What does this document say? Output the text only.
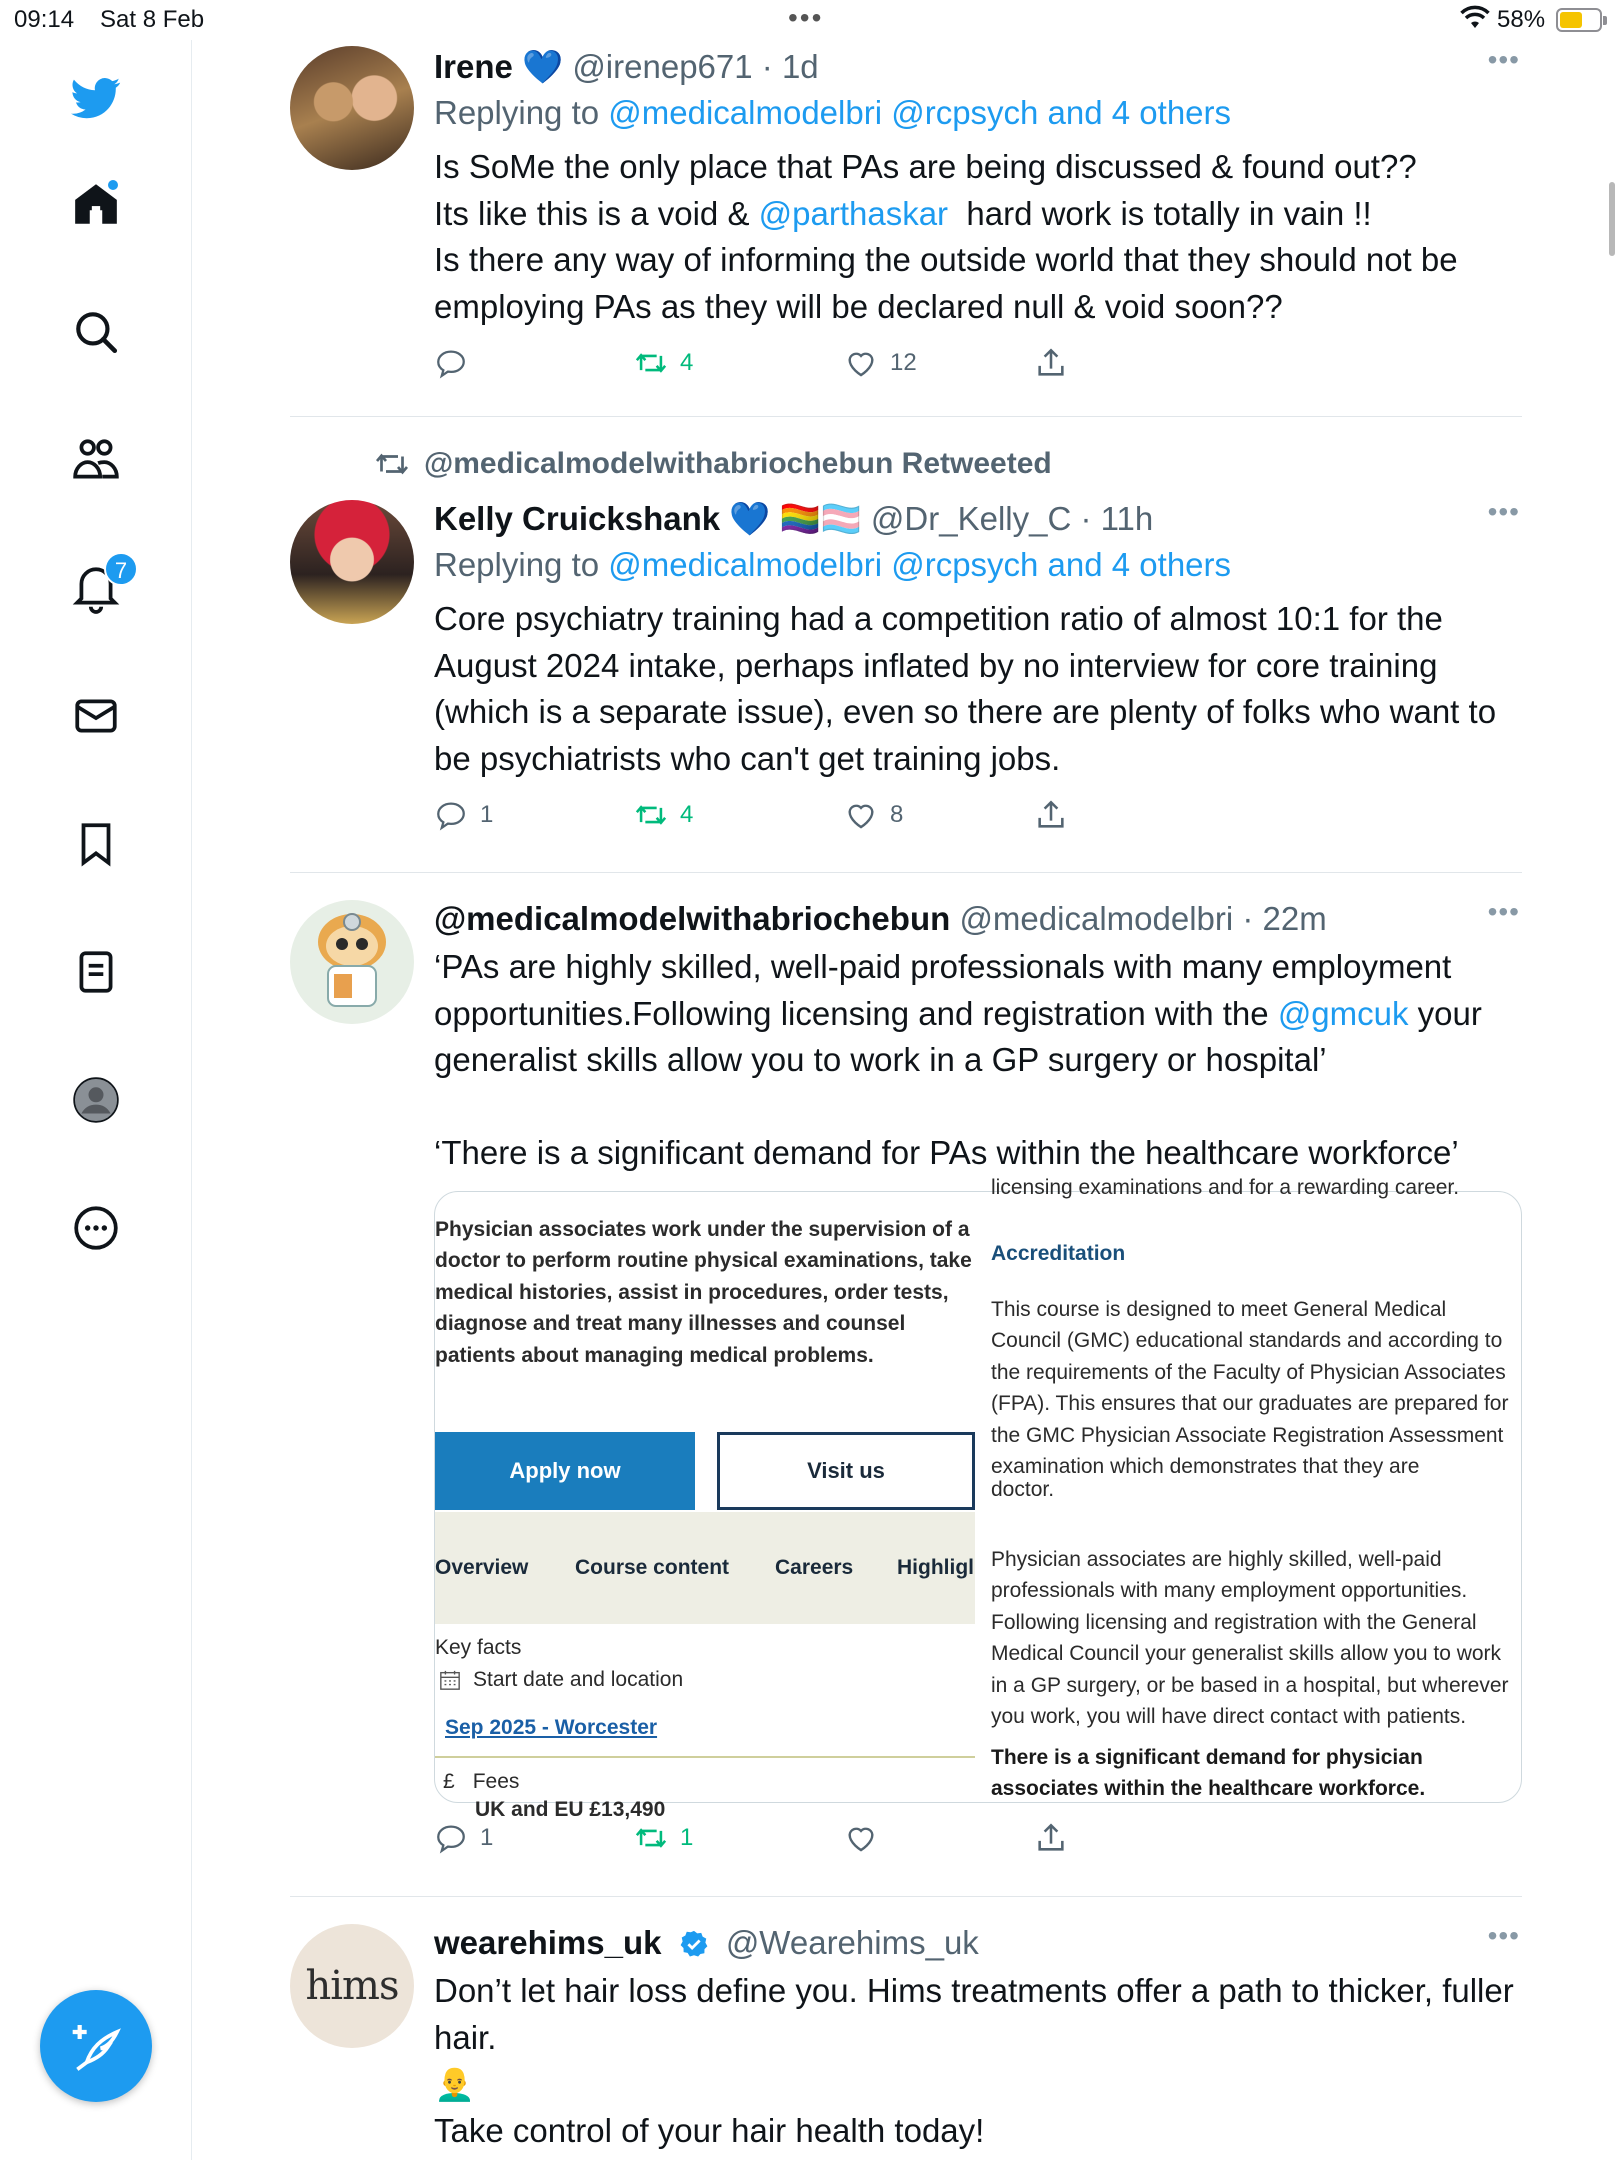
09:14 Sat 8 Feb	•••	58%
7
Irene 💙 @irenep671 · 1d	•••
Replying to @medicalmodelbri @rcpsych and 4 others

Is SoMe the only place that PAs are being discussed & found out??

Its like this is a void & @parthaskar  hard work is totally in vain !!

Is there any way of informing the outside world that they should not be employing PAs as they will be declared null & void soon??

4	12
@medicalmodelwithabriochebun Retweeted
Kelly Cruickshank 💙 🏳️‍🌈🏳️‍⚧️ @Dr_Kelly_C · 11h	•••
Replying to @medicalmodelbri @rcpsych and 4 others
Core psychiatry training had a competition ratio of almost 10:1 for the August 2024 intake, perhaps inflated by no interview for core training (which is a separate issue), even so there are plenty of folks who want to be psychiatrists who can't get training jobs.
1	4	8
@medicalmodelwithabriochebun @medicalmodelbri · 22m	•••

‘PAs are highly skilled, well-paid professionals with many employment opportunities.Following licensing and registration with the @gmcuk your generalist skills allow you to work in a GP surgery or hospital’

‘There is a significant demand for PAs within the healthcare workforce’

Physician associates work under the supervision of a doctor to perform routine physical examinations, take medical histories, assist in procedures, order tests, diagnose and treat many illnesses and counsel patients about managing medical problems.
Apply now	Visit us
Overview Course content Careers Highligl
Key facts
Start date and location
Sep 2025 - Worcester
£ Fees
UK and EU £13,490
licensing examinations and for a rewarding career.
Accreditation
This course is designed to meet General Medical Council (GMC) educational standards and according to the requirements of the Faculty of Physician Associates (FPA). This ensures that our graduates are prepared for the GMC Physician Associate Registration Assessment examination which demonstrates that they are
doctor.
Physician associates are highly skilled, well-paid professionals with many employment opportunities. Following licensing and registration with the General Medical Council your generalist skills allow you to work in a GP surgery, or be based in a hospital, but wherever you work, you will have direct contact with patients.
There is a significant demand for physician associates within the healthcare workforce.
1	1
hims
wearehims_uk @Wearehims_uk	•••

Don’t let hair loss define you. Hims treatments offer a path to thicker, fuller hair.

👨‍🦲

Take control of your hair health today!
